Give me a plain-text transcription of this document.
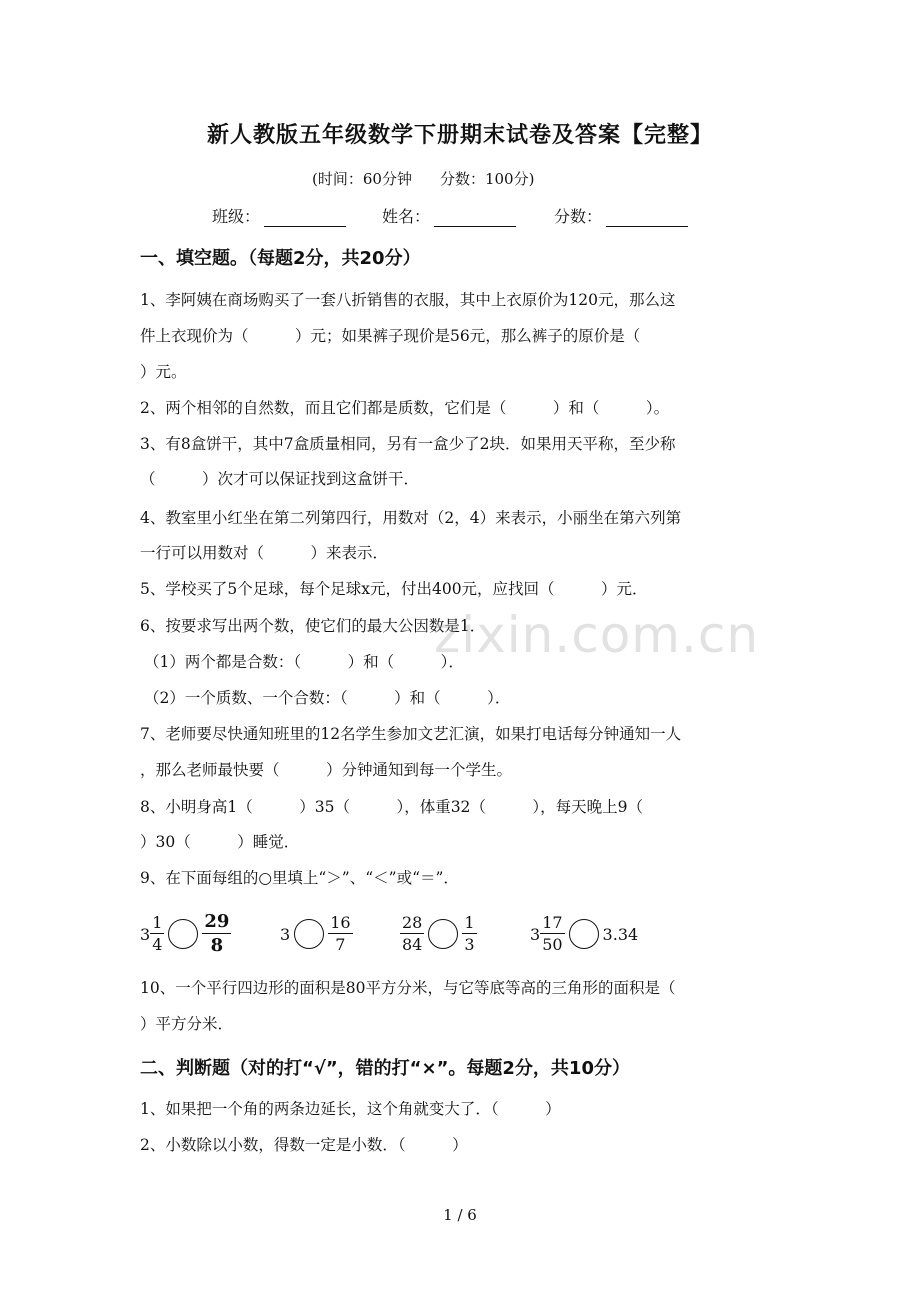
新人教版五年级数学下册期末试卷及答案【完整】
(时间：60分钟 分数：100分)
班级：	姓名：	分数：
一、填空题。（每题2分，共20分）
1、李阿姨在商场购买了一套八折销售的衣服，其中上衣原价为120元，那么这
件上衣现价为（　　　）元；如果裤子现价是56元，那么裤子的原价是（
）元。
2、两个相邻的自然数，而且它们都是质数，它们是（　　　）和（　　　）。
3、有8盒饼干，其中7盒质量相同，另有一盒少了2块．如果用天平称，至少称
（　　　）次才可以保证找到这盒饼干．
4、教室里小红坐在第二列第四行，用数对（2，4）来表示，小丽坐在第六列第
一行可以用数对（　　　）来表示．
5、学校买了5个足球，每个足球x元，付出400元，应找回（　　　）元．
6、按要求写出两个数，使它们的最大公因数是1．
（1）两个都是合数：（　　　）和（　　　）．
（2）一个质数、一个合数：（　　　）和（　　　）．
7、老师要尽快通知班里的12名学生参加文艺汇演，如果打电话每分钟通知一人
，那么老师最快要（　　　）分钟通知到每一个学生。
8、小明身高1（　　　）35（　　　），体重32（　　　），每天晚上9（
）30（　　　）睡觉．
9、在下面每组的○里填上“＞”、“＜”或“＝”．
zixin.com.cn
$3 \frac{1}{4} \frac{29}{8}$	$3 \frac{16}{7}$	$\frac{28}{84} \frac{1}{3}$	$3 \frac{17}{50} 3.34$
10、一个平行四边形的面积是80平方分米，与它等底等高的三角形的面积是（
）平方分米．
二、判断题（对的打“√”，错的打“×”。每题2分，共10分）
1、如果把一个角的两条边延长，这个角就变大了．（　　　）
2、小数除以小数，得数一定是小数．（　　　）
1 / 6
